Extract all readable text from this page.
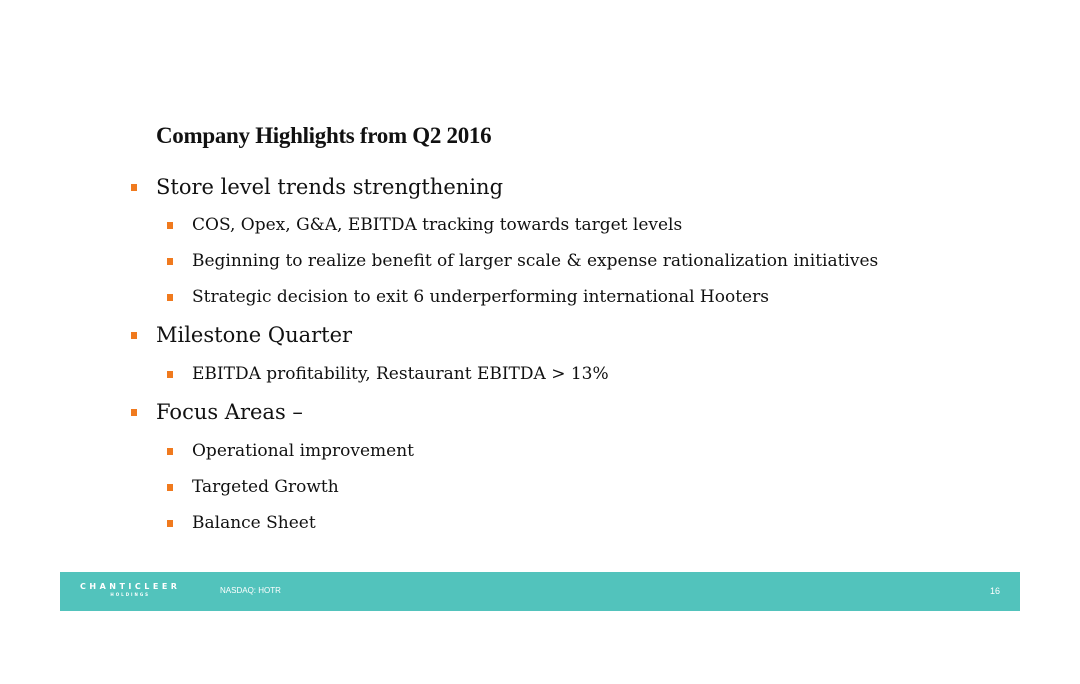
Company Highlights from Q2 2016
Store level trends strengthening
COS, Opex, G&A, EBITDA tracking towards target levels
Beginning to realize benefit of larger scale & expense rationalization initiatives
Strategic decision to exit 6 underperforming international Hooters
Milestone Quarter
EBITDA profitability, Restaurant EBITDA > 13%
Focus Areas –
Operational improvement
Targeted Growth
Balance Sheet
CHANTICLEER
HOLDINGS	NASDAQ: HOTR	16
